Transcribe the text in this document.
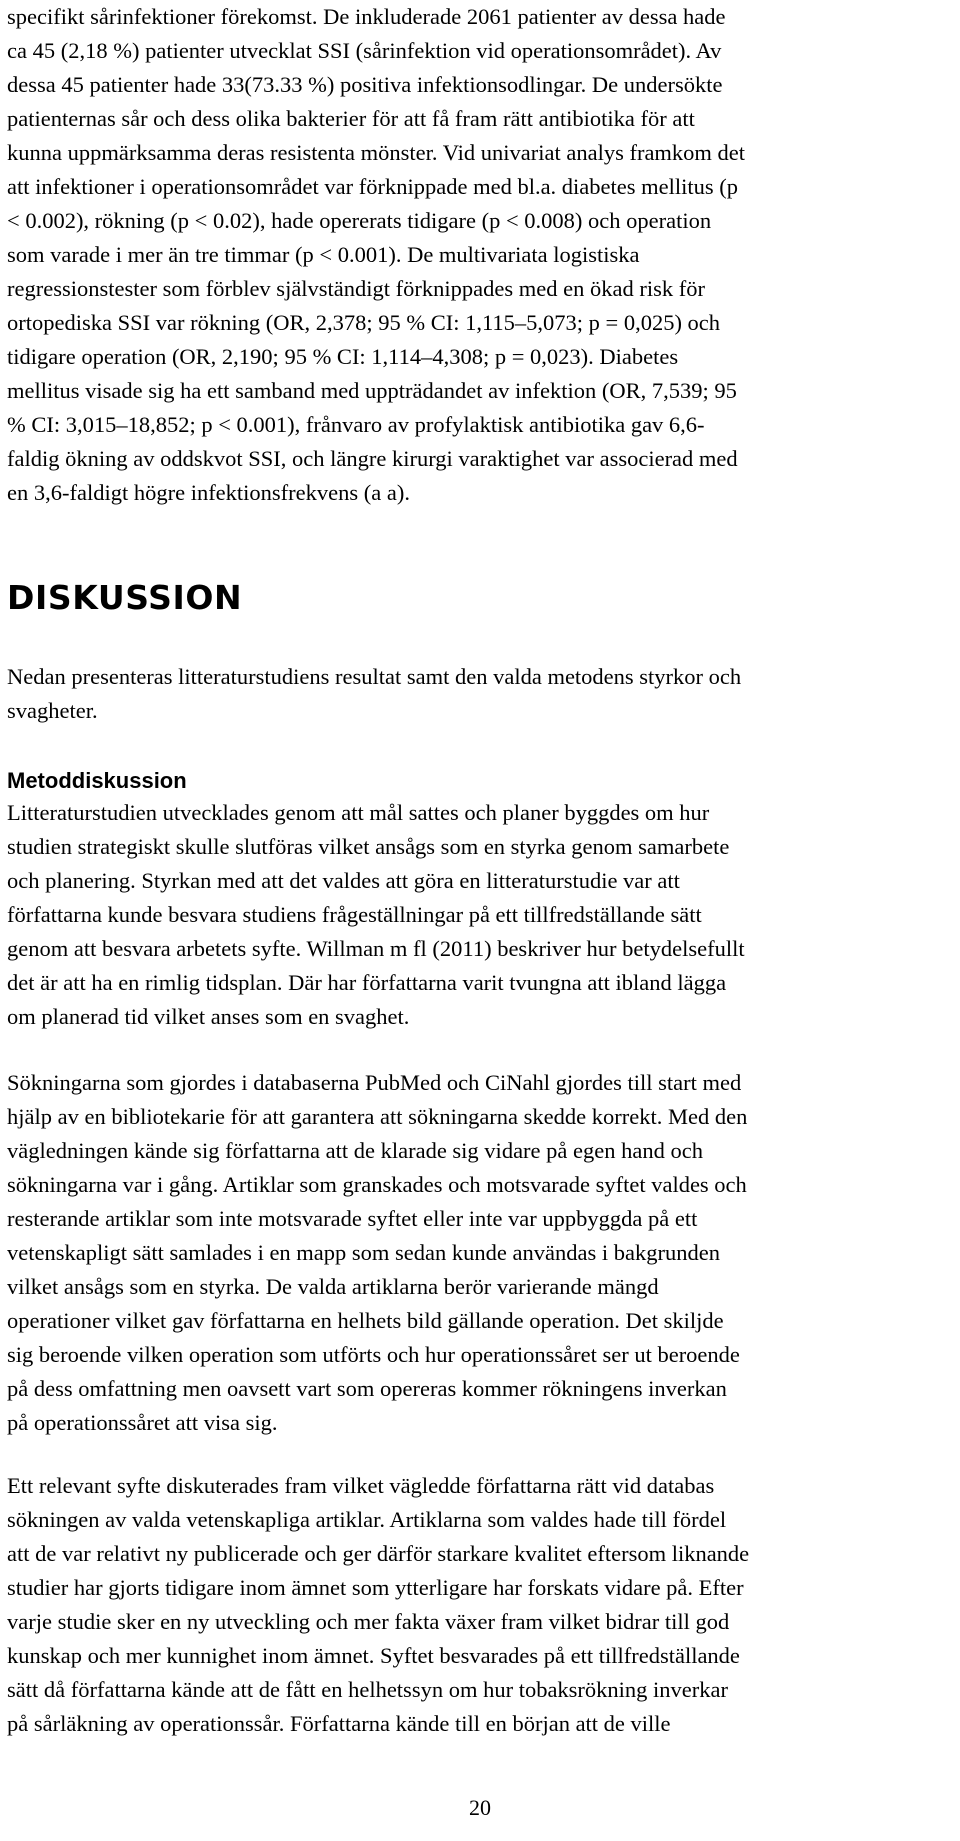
specifikt sårinfektioner förekomst. De inkluderade 2061 patienter av dessa hade
ca 45 (2,18 %) patienter utvecklat SSI (sårinfektion vid operationsområdet). Av
dessa 45 patienter hade 33(73.33 %) positiva infektionsodlingar. De undersökte
patienternas sår och dess olika bakterier för att få fram rätt antibiotika för att
kunna uppmärksamma deras resistenta mönster. Vid univariat analys framkom det
att infektioner i operationsområdet var förknippade med bl.a. diabetes mellitus (p
< 0.002), rökning (p < 0.02), hade opererats tidigare (p < 0.008) och operation
som varade i mer än tre timmar (p < 0.001). De multivariata logistiska
regressionstester som förblev självständigt förknippades med en ökad risk för
ortopediska SSI var rökning (OR, 2,378; 95 % CI: 1,115–5,073; p = 0,025) och
tidigare operation (OR, 2,190; 95 % CI: 1,114–4,308; p = 0,023). Diabetes
mellitus visade sig ha ett samband med uppträdandet av infektion (OR, 7,539; 95
% CI: 3,015–18,852; p < 0.001), frånvaro av profylaktisk antibiotika gav 6,6-
faldig ökning av oddskvot SSI, och längre kirurgi varaktighet var associerad med
en 3,6-faldigt högre infektionsfrekvens (a a).
DISKUSSION
Nedan presenteras litteraturstudiens resultat samt den valda metodens styrkor och
svagheter.
Metoddiskussion
Litteraturstudien utvecklades genom att mål sattes och planer byggdes om hur
studien strategiskt skulle slutföras vilket ansågs som en styrka genom samarbete
och planering. Styrkan med att det valdes att göra en litteraturstudie var att
författarna kunde besvara studiens frågeställningar på ett tillfredställande sätt
genom att besvara arbetets syfte. Willman m fl (2011) beskriver hur betydelsefullt
det är att ha en rimlig tidsplan. Där har författarna varit tvungna att ibland lägga
om planerad tid vilket anses som en svaghet.
Sökningarna som gjordes i databaserna PubMed och CiNahl gjordes till start med
hjälp av en bibliotekarie för att garantera att sökningarna skedde korrekt. Med den
vägledningen kände sig författarna att de klarade sig vidare på egen hand och
sökningarna var i gång. Artiklar som granskades och motsvarade syftet valdes och
resterande artiklar som inte motsvarade syftet eller inte var uppbyggda på ett
vetenskapligt sätt samlades i en mapp som sedan kunde användas i bakgrunden
vilket ansågs som en styrka. De valda artiklarna berör varierande mängd
operationer vilket gav författarna en helhets bild gällande operation. Det skiljde
sig beroende vilken operation som utförts och hur operationssåret ser ut beroende
på dess omfattning men oavsett vart som opereras kommer rökningens inverkan
på operationssåret att visa sig.
Ett relevant syfte diskuterades fram vilket vägledde författarna rätt vid databas
sökningen av valda vetenskapliga artiklar. Artiklarna som valdes hade till fördel
att de var relativt ny publicerade och ger därför starkare kvalitet eftersom liknande
studier har gjorts tidigare inom ämnet som ytterligare har forskats vidare på. Efter
varje studie sker en ny utveckling och mer fakta växer fram vilket bidrar till god
kunskap och mer kunnighet inom ämnet. Syftet besvarades på ett tillfredställande
sätt då författarna kände att de fått en helhetssyn om hur tobaksrökning inverkar
på sårläkning av operationssår. Författarna kände till en början att de ville
20
